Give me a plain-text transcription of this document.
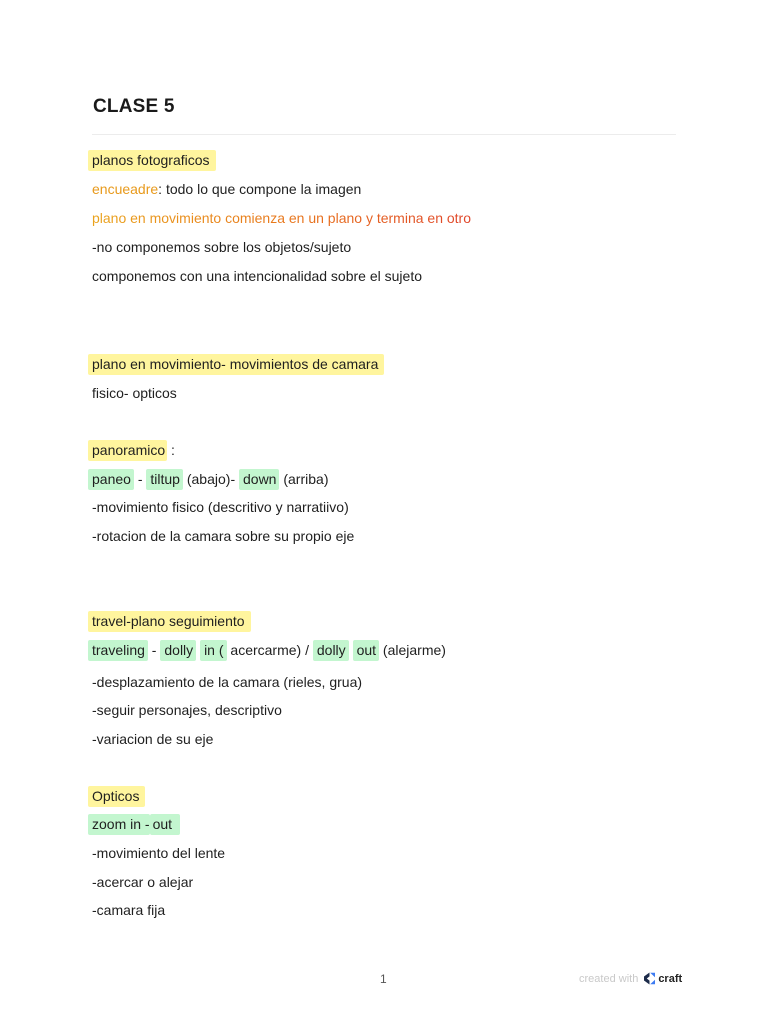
CLASE 5
planos fotograficos
encueadre: todo lo que compone la imagen
plano en movimiento comienza en un plano y termina en otro
-no componemos sobre los objetos/sujeto
componemos con una intencionalidad sobre el sujeto
plano en movimiento- movimientos de camara
fisico- opticos
panoramico :
paneo - tiltup (abajo)- down (arriba)
-movimiento fisico (descritivo y narratiivo)
-rotacion de la camara sobre su propio eje
travel-plano seguimiento
traveling - dolly in ( acercarme) / dolly out (alejarme)
-desplazamiento de la camara (rieles, grua)
-seguir personajes, descriptivo
-variacion de su eje
Opticos
zoom in - out
-movimiento del lente
-acercar o alejar
-camara fija
1	created with craft
